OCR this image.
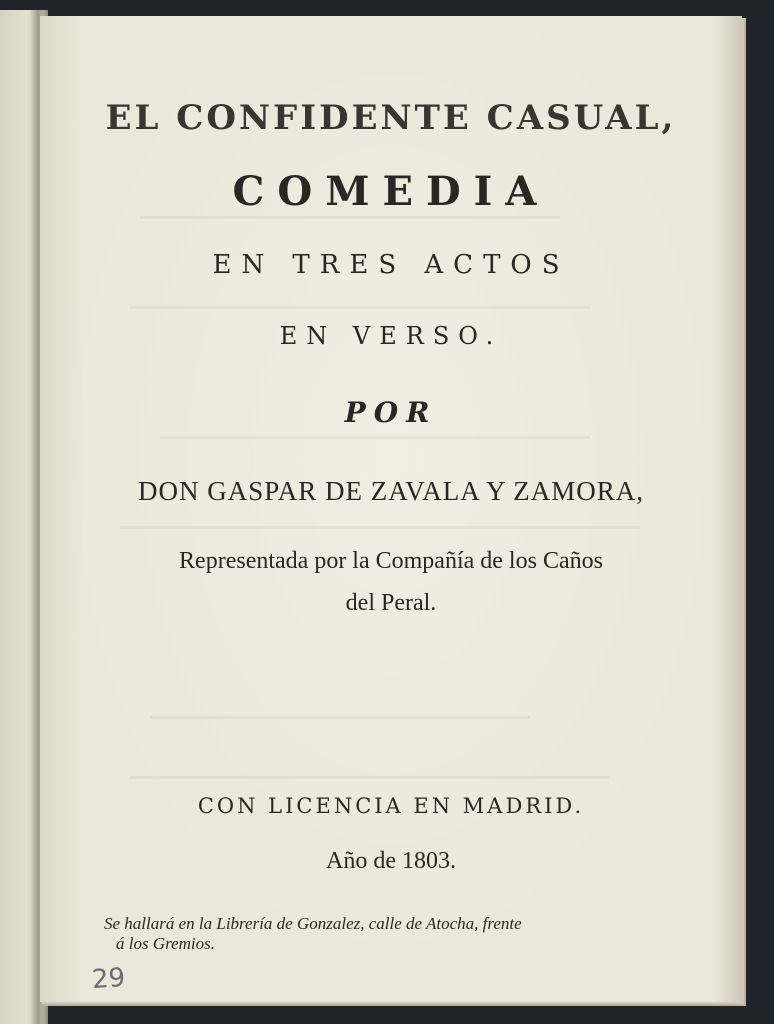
EL CONFIDENTE CASUAL,
COMEDIA
EN TRES ACTOS
EN VERSO.
POR
DON GASPAR DE ZAVALA Y ZAMORA,
Representada por la Compañía de los Caños
del Peral.
CON LICENCIA EN MADRID.
Año de 1803.
Se hallará en la Librería de Gonzalez, calle de Atocha, frente
á los Gremios.
29
